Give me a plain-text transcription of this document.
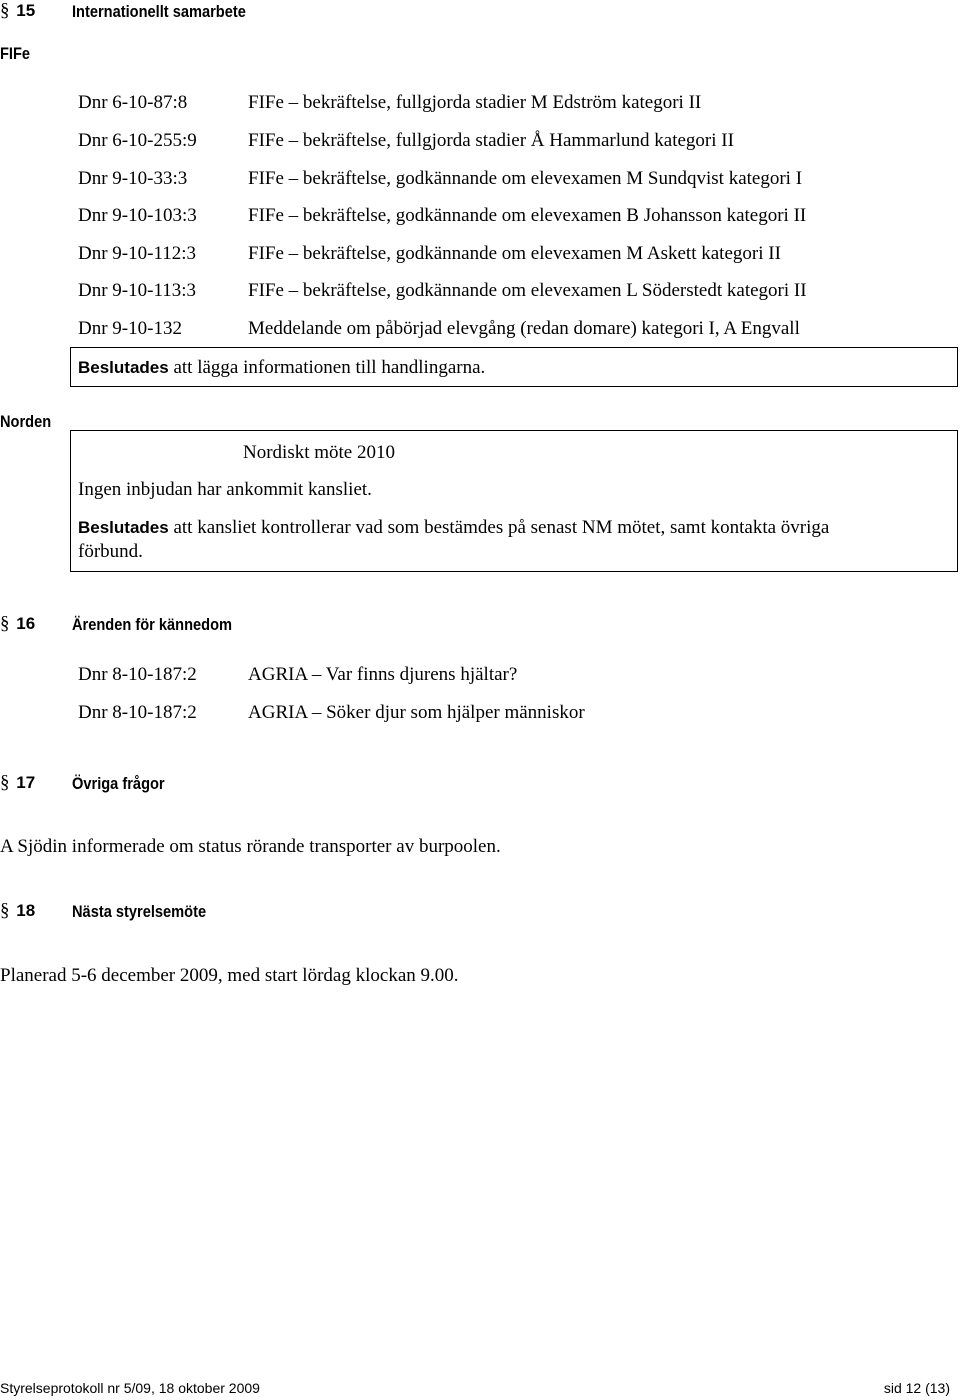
§ 15 Internationellt samarbete
FIFe
Dnr 6-10-87:8	FIFe – bekräftelse, fullgjorda stadier M Edström kategori II
Dnr 6-10-255:9	FIFe – bekräftelse, fullgjorda stadier Å Hammarlund kategori II
Dnr 9-10-33:3	FIFe – bekräftelse, godkännande om elevexamen M Sundqvist kategori I
Dnr 9-10-103:3	FIFe – bekräftelse, godkännande om elevexamen B Johansson kategori II
Dnr 9-10-112:3	FIFe – bekräftelse, godkännande om elevexamen M Askett kategori II
Dnr 9-10-113:3	FIFe – bekräftelse, godkännande om elevexamen L Söderstedt kategori II
Dnr 9-10-132	Meddelande om påbörjad elevgång (redan domare) kategori I, A Engvall
Beslutades att lägga informationen till handlingarna.
Norden
Nordiskt möte 2010
Ingen inbjudan har ankommit kansliet.
Beslutades att kansliet kontrollerar vad som bestämdes på senast NM mötet, samt kontakta övriga
förbund.
§ 16 Ärenden för kännedom
Dnr 8-10-187:2	AGRIA – Var finns djurens hjältar?
Dnr 8-10-187:2	AGRIA – Söker djur som hjälper människor
§ 17 Övriga frågor
A Sjödin informerade om status rörande transporter av burpoolen.
§ 18 Nästa styrelsemöte
Planerad 5-6 december 2009, med start lördag klockan 9.00.
Styrelseprotokoll nr 5/09, 18 oktober 2009	sid 12 (13)
